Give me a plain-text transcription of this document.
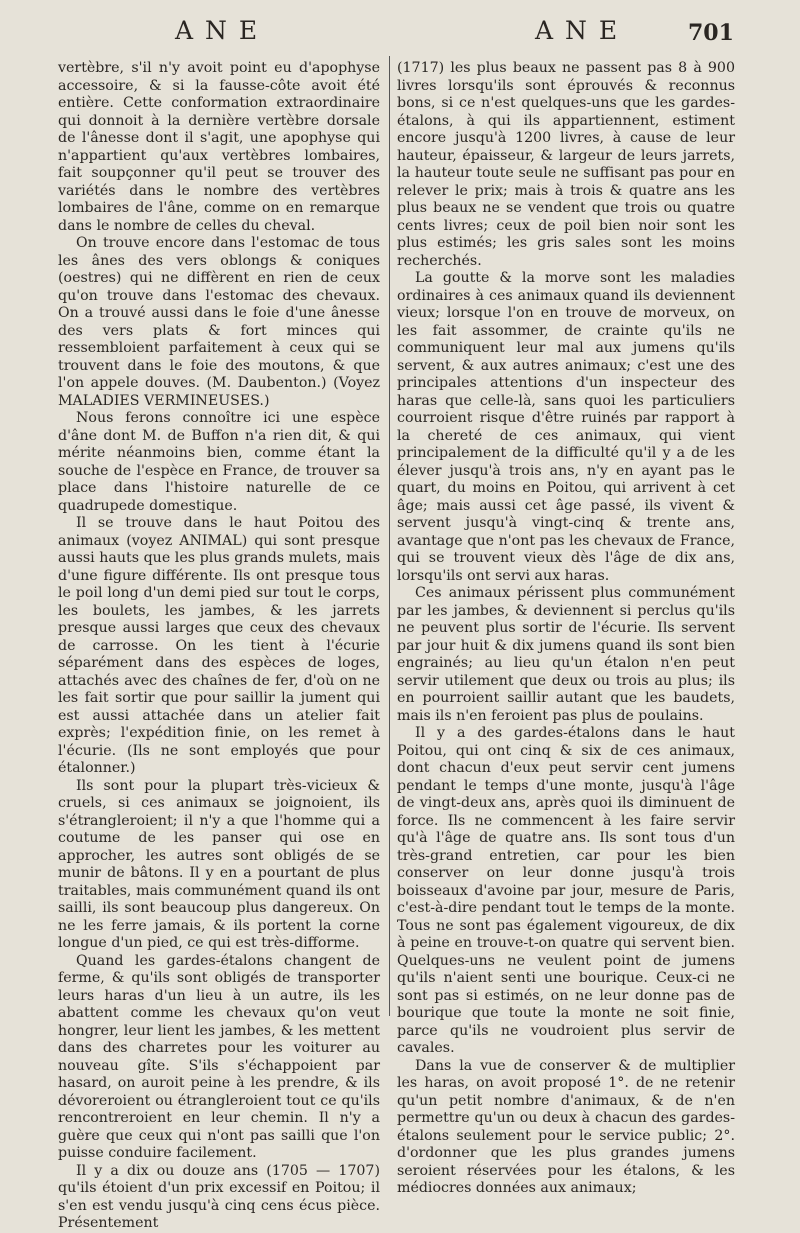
ANE	ANE	701

vertèbre, s'il n'y avoit point eu d'apophyse accessoire, & si la fausse-côte avoit été entière. Cette conformation extraordinaire qui donnoit à la dernière vertèbre dorsale de l'ânesse dont il s'agit, une apophyse qui n'appartient qu'aux vertèbres lombaires, fait soupçonner qu'il peut se trouver des variétés dans le nombre des vertèbres lombaires de l'âne, comme on en remarque dans le nombre de celles du cheval.

On trouve encore dans l'estomac de tous les ânes des vers oblongs & coniques (oestres) qui ne diffèrent en rien de ceux qu'on trouve dans l'estomac des chevaux. On a trouvé aussi dans le foie d'une ânesse des vers plats & fort minces qui ressembloient parfaitement à ceux qui se trouvent dans le foie des moutons, & que l'on appele douves. (M. Daubenton.) (Voyez MALADIES VERMINEUSES.)

Nous ferons connoître ici une espèce d'âne dont M. de Buffon n'a rien dit, & qui mérite néanmoins bien, comme étant la souche de l'espèce en France, de trouver sa place dans l'histoire naturelle de ce quadrupede domestique.

Il se trouve dans le haut Poitou des animaux (voyez ANIMAL) qui sont presque aussi hauts que les plus grands mulets, mais d'une figure différente. Ils ont presque tous le poil long d'un demi pied sur tout le corps, les boulets, les jambes, & les jarrets presque aussi larges que ceux des chevaux de carrosse. On les tient à l'écurie séparément dans des espèces de loges, attachés avec des chaînes de fer, d'où on ne les fait sortir que pour saillir la jument qui est aussi attachée dans un atelier fait exprès; l'expédition finie, on les remet à l'écurie. (Ils ne sont employés que pour étalonner.)

Ils sont pour la plupart très-vicieux & cruels, si ces animaux se joignoient, ils s'étrangleroient; il n'y a que l'homme qui a coutume de les panser qui ose en approcher, les autres sont obligés de se munir de bâtons. Il y en a pourtant de plus traitables, mais communément quand ils ont sailli, ils sont beaucoup plus dangereux. On ne les ferre jamais, & ils portent la corne longue d'un pied, ce qui est très-difforme.

Quand les gardes-étalons changent de ferme, & qu'ils sont obligés de transporter leurs haras d'un lieu à un autre, ils les abattent comme les chevaux qu'on veut hongrer, leur lient les jambes, & les mettent dans des charretes pour les voiturer au nouveau gîte. S'ils s'échappoient par hasard, on auroit peine à les prendre, & ils dévoreroient ou étrangleroient tout ce qu'ils rencontreroient en leur chemin. Il n'y a guère que ceux qui n'ont pas sailli que l'on puisse conduire facilement.

Il y a dix ou douze ans (1705 — 1707) qu'ils étoient d'un prix excessif en Poitou; il s'en est vendu jusqu'à cinq cens écus pièce. Présentement

(1717) les plus beaux ne passent pas 8 à 900 livres lorsqu'ils sont éprouvés & reconnus bons, si ce n'est quelques-uns que les gardes-étalons, à qui ils appartiennent, estiment encore jusqu'à 1200 livres, à cause de leur hauteur, épaisseur, & largeur de leurs jarrets, la hauteur toute seule ne suffisant pas pour en relever le prix; mais à trois & quatre ans les plus beaux ne se vendent que trois ou quatre cents livres; ceux de poil bien noir sont les plus estimés; les gris sales sont les moins recherchés.

La goutte & la morve sont les maladies ordinaires à ces animaux quand ils deviennent vieux; lorsque l'on en trouve de morveux, on les fait assommer, de crainte qu'ils ne communiquent leur mal aux jumens qu'ils servent, & aux autres animaux; c'est une des principales attentions d'un inspecteur des haras que celle-là, sans quoi les particuliers courroient risque d'être ruinés par rapport à la chereté de ces animaux, qui vient principalement de la difficulté qu'il y a de les élever jusqu'à trois ans, n'y en ayant pas le quart, du moins en Poitou, qui arrivent à cet âge; mais aussi cet âge passé, ils vivent & servent jusqu'à vingt-cinq & trente ans, avantage que n'ont pas les chevaux de France, qui se trouvent vieux dès l'âge de dix ans, lorsqu'ils ont servi aux haras.

Ces animaux périssent plus communément par les jambes, & deviennent si perclus qu'ils ne peuvent plus sortir de l'écurie. Ils servent par jour huit & dix jumens quand ils sont bien engrainés; au lieu qu'un étalon n'en peut servir utilement que deux ou trois au plus; ils en pourroient saillir autant que les baudets, mais ils n'en feroient pas plus de poulains.

Il y a des gardes-étalons dans le haut Poitou, qui ont cinq & six de ces animaux, dont chacun d'eux peut servir cent jumens pendant le temps d'une monte, jusqu'à l'âge de vingt-deux ans, après quoi ils diminuent de force. Ils ne commencent à les faire servir qu'à l'âge de quatre ans. Ils sont tous d'un très-grand entretien, car pour les bien conserver on leur donne jusqu'à trois boisseaux d'avoine par jour, mesure de Paris, c'est-à-dire pendant tout le temps de la monte. Tous ne sont pas également vigoureux, de dix à peine en trouve-t-on quatre qui servent bien. Quelques-uns ne veulent point de jumens qu'ils n'aient senti une bourique. Ceux-ci ne sont pas si estimés, on ne leur donne pas de bourique que toute la monte ne soit finie, parce qu'ils ne voudroient plus servir de cavales.

Dans la vue de conserver & de multiplier les haras, on avoit proposé 1°. de ne retenir qu'un petit nombre d'animaux, & de n'en permettre qu'un ou deux à chacun des gardes-étalons seulement pour le service public; 2°. d'ordonner que les plus grandes jumens seroient réservées pour les étalons, & les médiocres données aux animaux;
